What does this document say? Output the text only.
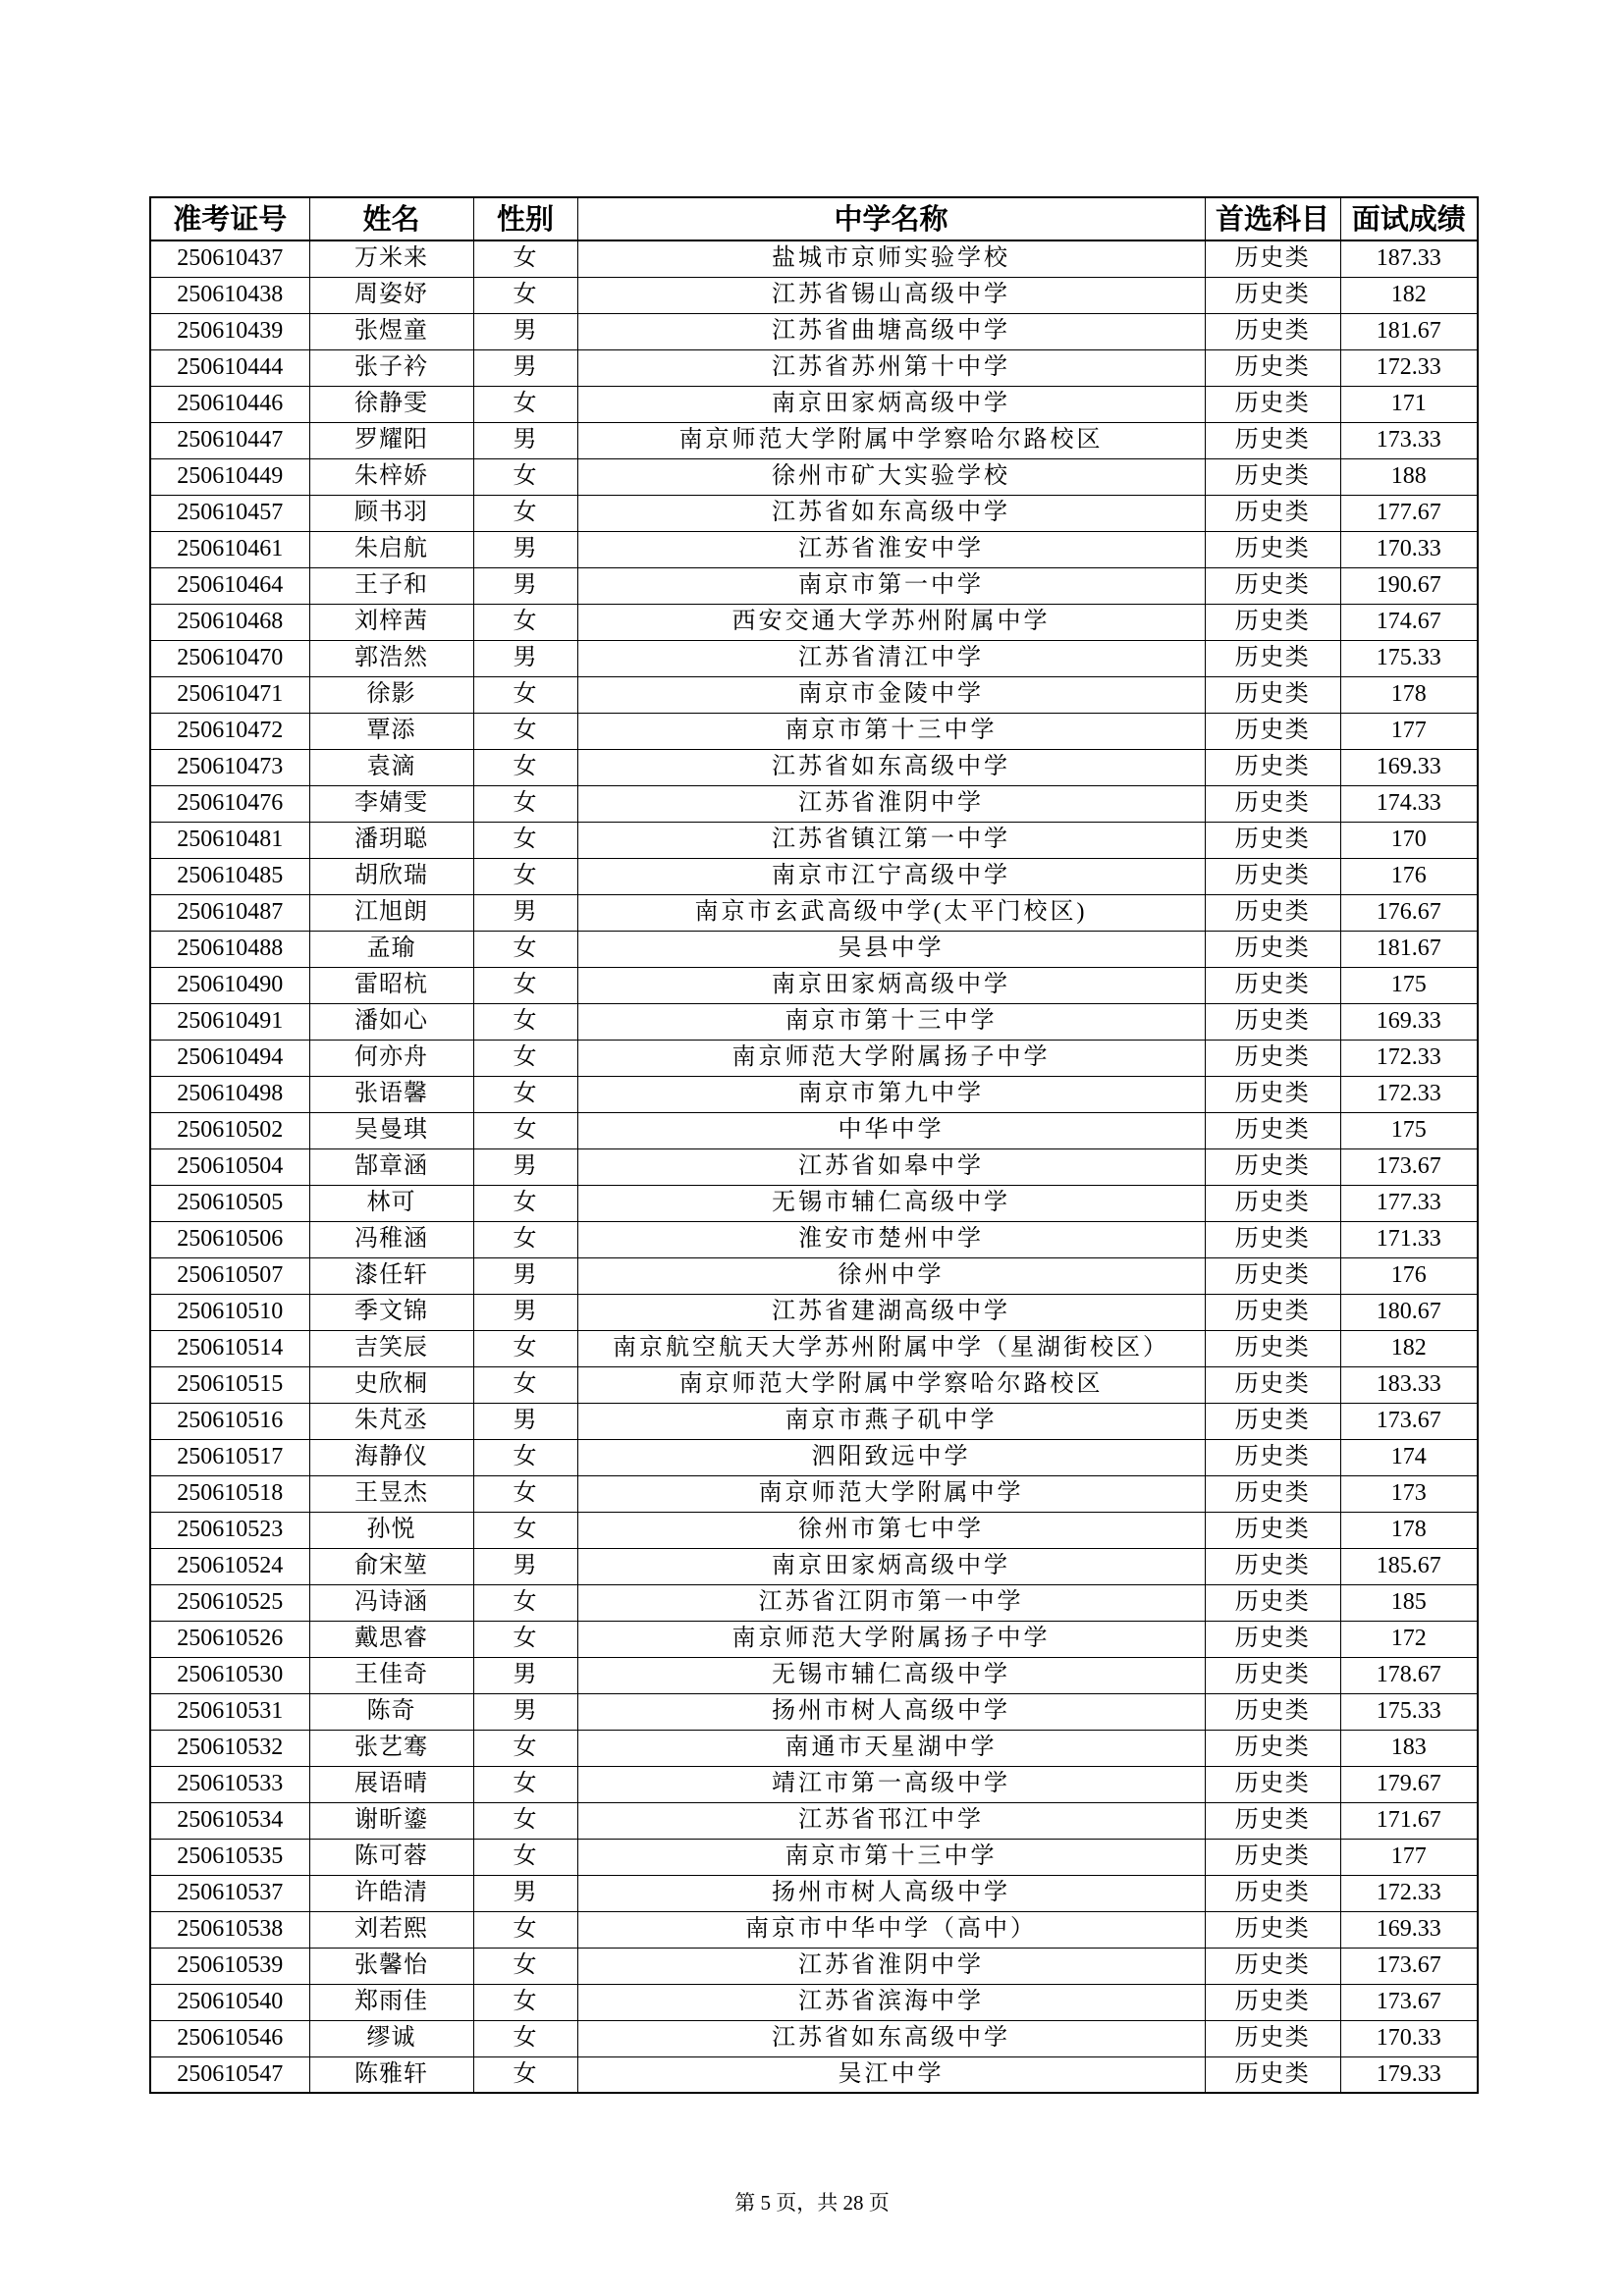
准考证号	姓名	性别	中学名称	首选科目	面试成绩
250610437	万米来	女	盐城市京师实验学校	历史类	187.33
250610438	周姿妤	女	江苏省锡山高级中学	历史类	182
250610439	张煜童	男	江苏省曲塘高级中学	历史类	181.67
250610444	张子衿	男	江苏省苏州第十中学	历史类	172.33
250610446	徐静雯	女	南京田家炳高级中学	历史类	171
250610447	罗耀阳	男	南京师范大学附属中学察哈尔路校区	历史类	173.33
250610449	朱梓娇	女	徐州市矿大实验学校	历史类	188
250610457	顾书羽	女	江苏省如东高级中学	历史类	177.67
250610461	朱启航	男	江苏省淮安中学	历史类	170.33
250610464	王子和	男	南京市第一中学	历史类	190.67
250610468	刘梓茜	女	西安交通大学苏州附属中学	历史类	174.67
250610470	郭浩然	男	江苏省清江中学	历史类	175.33
250610471	徐影	女	南京市金陵中学	历史类	178
250610472	覃添	女	南京市第十三中学	历史类	177
250610473	袁滴	女	江苏省如东高级中学	历史类	169.33
250610476	李婧雯	女	江苏省淮阴中学	历史类	174.33
250610481	潘玥聪	女	江苏省镇江第一中学	历史类	170
250610485	胡欣瑞	女	南京市江宁高级中学	历史类	176
250610487	江旭朗	男	南京市玄武高级中学(太平门校区)	历史类	176.67
250610488	孟瑜	女	吴县中学	历史类	181.67
250610490	雷昭杭	女	南京田家炳高级中学	历史类	175
250610491	潘如心	女	南京市第十三中学	历史类	169.33
250610494	何亦舟	女	南京师范大学附属扬子中学	历史类	172.33
250610498	张语馨	女	南京市第九中学	历史类	172.33
250610502	吴曼琪	女	中华中学	历史类	175
250610504	郜章涵	男	江苏省如皋中学	历史类	173.67
250610505	林可	女	无锡市辅仁高级中学	历史类	177.33
250610506	冯稚涵	女	淮安市楚州中学	历史类	171.33
250610507	漆任轩	男	徐州中学	历史类	176
250610510	季文锦	男	江苏省建湖高级中学	历史类	180.67
250610514	吉笑辰	女	南京航空航天大学苏州附属中学（星湖街校区）	历史类	182
250610515	史欣桐	女	南京师范大学附属中学察哈尔路校区	历史类	183.33
250610516	朱芃丞	男	南京市燕子矶中学	历史类	173.67
250610517	海静仪	女	泗阳致远中学	历史类	174
250610518	王昱杰	女	南京师范大学附属中学	历史类	173
250610523	孙悦	女	徐州市第七中学	历史类	178
250610524	俞宋堃	男	南京田家炳高级中学	历史类	185.67
250610525	冯诗涵	女	江苏省江阴市第一中学	历史类	185
250610526	戴思睿	女	南京师范大学附属扬子中学	历史类	172
250610530	王佳奇	男	无锡市辅仁高级中学	历史类	178.67
250610531	陈奇	男	扬州市树人高级中学	历史类	175.33
250610532	张艺骞	女	南通市天星湖中学	历史类	183
250610533	展语晴	女	靖江市第一高级中学	历史类	179.67
250610534	谢昕鎏	女	江苏省邗江中学	历史类	171.67
250610535	陈可蓉	女	南京市第十三中学	历史类	177
250610537	许皓清	男	扬州市树人高级中学	历史类	172.33
250610538	刘若熙	女	南京市中华中学（高中）	历史类	169.33
250610539	张馨怡	女	江苏省淮阴中学	历史类	173.67
250610540	郑雨佳	女	江苏省滨海中学	历史类	173.67
250610546	缪诚	女	江苏省如东高级中学	历史类	170.33
250610547	陈雅轩	女	吴江中学	历史类	179.33
第 5 页，共 28 页
